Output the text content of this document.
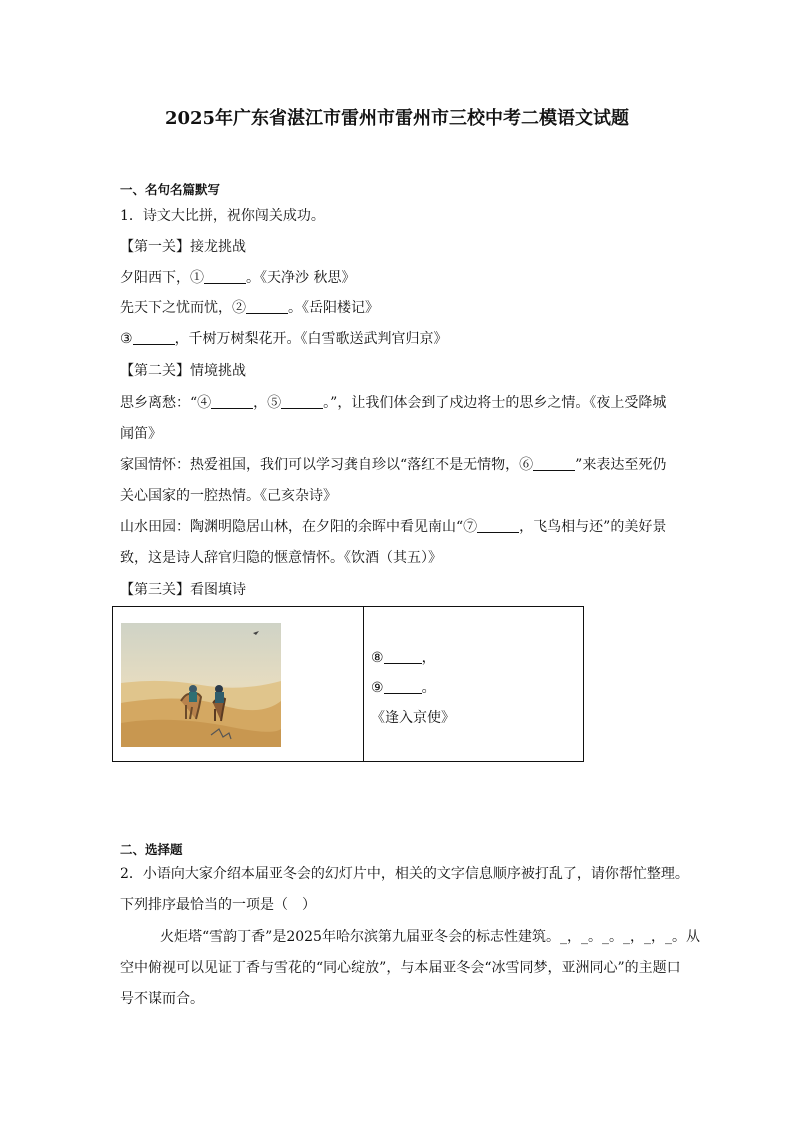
2025年广东省湛江市雷州市雷州市三校中考二模语文试题
一、名句名篇默写
1．诗文大比拼，祝你闯关成功。
【第一关】接龙挑战
夕阳西下，①	。《天净沙 秋思》
先天下之忧而忧，②	。《岳阳楼记》
③	，千树万树梨花开。《白雪歌送武判官归京》
【第二关】情境挑战
思乡离愁：“④	，⑤	。”，让我们体会到了戍边将士的思乡之情。《夜上受降城
闻笛》
家国情怀：热爱祖国，我们可以学习龚自珍以“落红不是无情物，⑥	”来表达至死仍
关心国家的一腔热情。《己亥杂诗》
山水田园：陶渊明隐居山林，在夕阳的余晖中看见南山“⑦	，飞鸟相与还”的美好景
致，这是诗人辞官归隐的惬意情怀。《饮酒（其五）》
【第三关】看图填诗
⑧	，
⑨	。
《逢入京使》
二、选择题
2．小语向大家介绍本届亚冬会的幻灯片中，相关的文字信息顺序被打乱了，请你帮忙整理。
下列排序最恰当的一项是（　）
火炬塔“雪韵丁香”是2025年哈尔滨第九届亚冬会的标志性建筑。_，_。_。_，_，_。从
空中俯视可以见证丁香与雪花的“同心绽放”，与本届亚冬会“冰雪同梦，亚洲同心”的主题口
号不谋而合。
